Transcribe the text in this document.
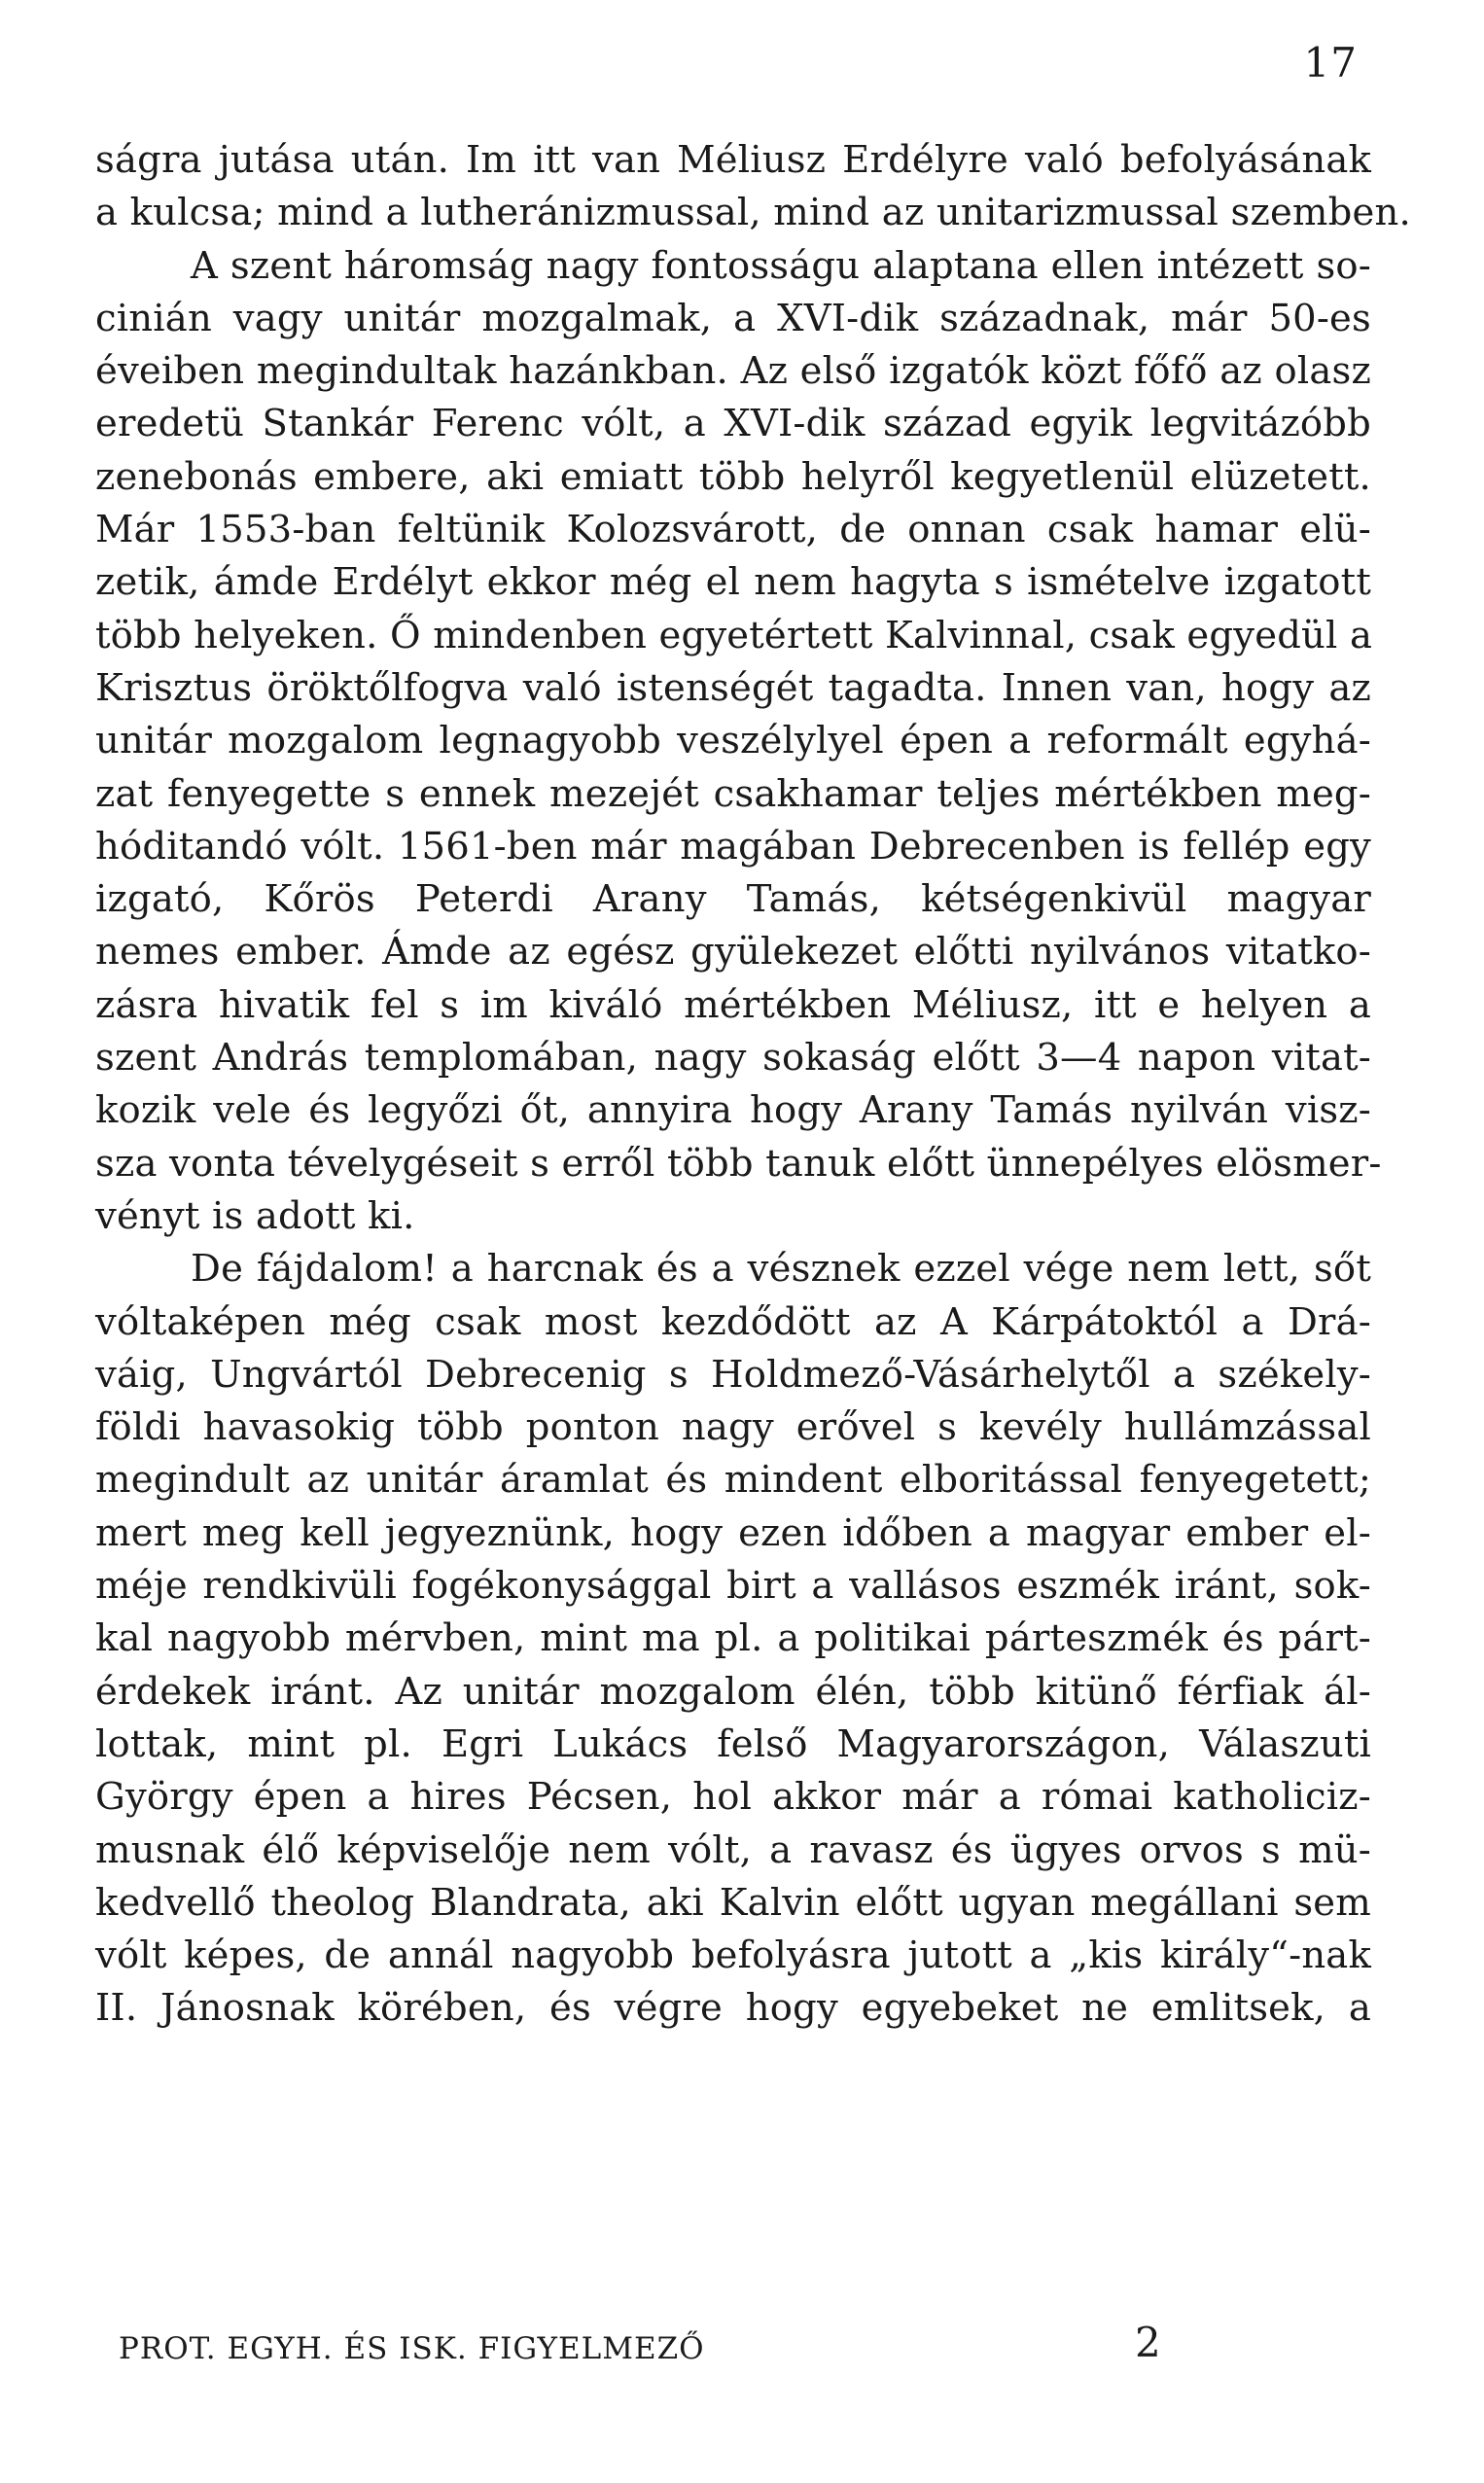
17
ságra jutása után. Im itt van Méliusz Erdélyre való befolyásának
a kulcsa; mind a lutheránizmussal, mind az unitarizmussal szemben.
A szent háromság nagy fontosságu alaptana ellen intézett so-
cinián vagy unitár mozgalmak, a XVI-dik századnak, már 50-es
éveiben megindultak hazánkban. Az első izgatók közt főfő az olasz
eredetü Stankár Ferenc vólt, a XVI-dik század egyik legvitázóbb
zenebonás embere, aki emiatt több helyről kegyetlenül elüzetett.
Már 1553-ban feltünik Kolozsvárott, de onnan csak hamar elü-
zetik, ámde Erdélyt ekkor még el nem hagyta s ismételve izgatott
több helyeken. Ő mindenben egyetértett Kalvinnal, csak egyedül a
Krisztus öröktőlfogva való istenségét tagadta. Innen van, hogy az
unitár mozgalom legnagyobb veszélylyel épen a reformált egyhá-
zat fenyegette s ennek mezejét csakhamar teljes mértékben meg-
hóditandó vólt. 1561-ben már magában Debrecenben is fellép egy
izgató, Kőrös Peterdi Arany Tamás, kétségenkivül magyar
nemes ember. Ámde az egész gyülekezet előtti nyilvános vitatko-
zásra hivatik fel s im kiváló mértékben Méliusz, itt e helyen a
szent András templomában, nagy sokaság előtt 3—4 napon vitat-
kozik vele és legyőzi őt, annyira hogy Arany Tamás nyilván visz-
sza vonta tévelygéseit s erről több tanuk előtt ünnepélyes elösmer-
vényt is adott ki.
De fájdalom! a harcnak és a vésznek ezzel vége nem lett, sőt
vóltaképen még csak most kezdődött az A Kárpátoktól a Drá-
váig, Ungvártól Debrecenig s Holdmező-Vásárhelytől a székely-
földi havasokig több ponton nagy erővel s kevély hullámzással
megindult az unitár áramlat és mindent elboritással fenyegetett;
mert meg kell jegyeznünk, hogy ezen időben a magyar ember el-
méje rendkivüli fogékonysággal birt a vallásos eszmék iránt, sok-
kal nagyobb mérvben, mint ma pl. a politikai párteszmék és párt-
érdekek iránt. Az unitár mozgalom élén, több kitünő férfiak ál-
lottak, mint pl. Egri Lukács felső Magyarországon, Válaszuti
György épen a hires Pécsen, hol akkor már a római katholiciz-
musnak élő képviselője nem vólt, a ravasz és ügyes orvos s mü-
kedvellő theolog Blandrata, aki Kalvin előtt ugyan megállani sem
vólt képes, de annál nagyobb befolyásra jutott a „kis király“-nak
II. Jánosnak körében, és végre hogy egyebeket ne emlitsek, a
PROT. EGYH. ÉS ISK. FIGYELMEZŐ	2
